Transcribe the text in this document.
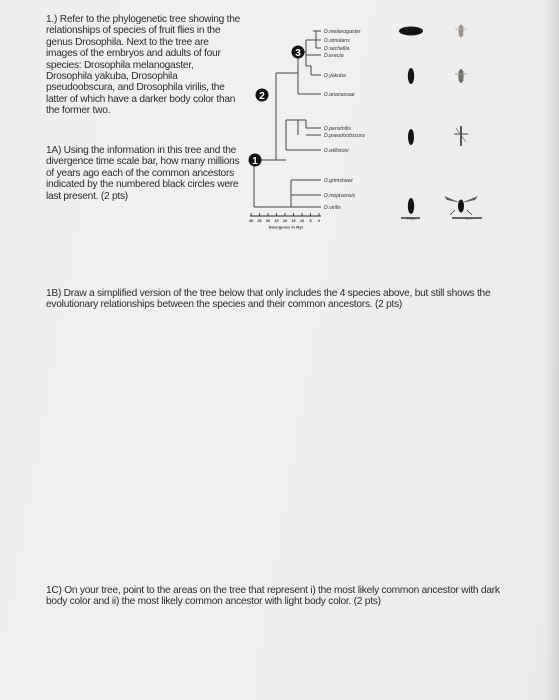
1.) Refer to the phylogenetic tree showing the relationships of species of fruit flies in the genus Drosophila. Next to the tree are images of the embryos and adults of four species: Drosophila melanogaster, Drosophila yakuba, Drosophila pseudoobscura, and Drosophila virilis, the latter of which have a darker body color than the former two.
1A) Using the information in this tree and the divergence time scale bar, how many millions of years ago each of the common ancestors indicated by the numbered black circles were last present. (2 pts)
1B) Draw a simplified version of the tree below that only includes the 4 species above, but still shows the evolutionary relationships between the species and their common ancestors. (2 pts)
1C) On your tree, point to the areas on the tree that represent i) the most likely common ancestor with dark body color and ii) the most likely common ancestor with light body color. (2 pts)
3
2
1
D.melanogaster
D.simulans
D.sechellia
D.erecta
D.yakuba
D.ananassae
D.persimilis
D.pseudoobscura
D.willistoni
D.grimshawi
D.mojavensis
D.virilis
~100μm	~1mm
40 35 30 25 20 15 10 5 0
Divergence in Myr
